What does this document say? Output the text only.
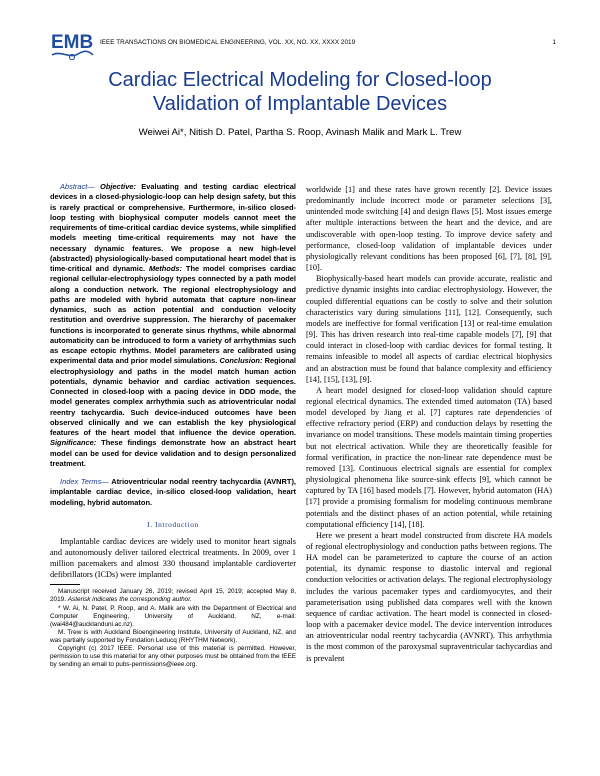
EMB IEEE TRANSACTIONS ON BIOMEDICAL ENGINEERING, VOL. XX, NO. XX, XXXX 2019	1
Cardiac Electrical Modeling for Closed-loop
Validation of Implantable Devices
Weiwei Ai*, Nitish D. Patel, Partha S. Roop, Avinash Malik and Mark L. Trew

Abstract— Objective: Evaluating and testing cardiac electrical devices in a closed-physiologic-loop can help design safety, but this is rarely practical or comprehensive. Furthermore, in-silico closed-loop testing with biophysical computer models cannot meet the requirements of time-critical cardiac device systems, while simplified models meeting time-critical requirements may not have the necessary dynamic features. We propose a new high-level (abstracted) physiologically-based computational heart model that is time-critical and dynamic. Methods: The model comprises cardiac regional cellular-electrophysiology types connected by a path model along a conduction network. The regional electrophysiology and paths are modeled with hybrid automata that capture non-linear dynamics, such as action potential and conduction velocity restitution and overdrive suppression. The hierarchy of pacemaker functions is incorporated to generate sinus rhythms, while abnormal automaticity can be introduced to form a variety of arrhythmias such as escape ectopic rhythms. Model parameters are calibrated using experimental data and prior model simulations. Conclusion: Regional electrophysiology and paths in the model match human action potentials, dynamic behavior and cardiac activation sequences. Connected in closed-loop with a pacing device in DDD mode, the model generates complex arrhythmia such as atrioventricular nodal reentry tachycardia. Such device-induced outcomes have been observed clinically and we can establish the key physiological features of the heart model that influence the device operation. Significance: These findings demonstrate how an abstract heart model can be used for device validation and to design personalized treatment.

Index Terms— Atrioventricular nodal reentry tachycardia (AVNRT), implantable cardiac device, in-silico closed-loop validation, heart modeling, hybrid automaton.

I. Introduction

Implantable cardiac devices are widely used to monitor heart signals and autonomously deliver tailored electrical treatments. In 2009, over 1 million pacemakers and almost 330 thousand implantable cardioverter defibrillators (ICDs) were implanted

Manuscript received January 26, 2019; revised April 15, 2019; accepted May 8, 2019. Asterisk indicates the corresponding author.

* W. Ai, N. Patel, P. Roop, and A. Malik are with the Department of Electrical and Computer Engineering, University of Auckland, NZ, e-mail: (wai484@aucklanduni.ac.nz).

M. Trew is with Auckland Bioengineering Institute, University of Auckland, NZ, and was partially supported by Fondation Leducq (RHYTHM Network).

Copyright (c) 2017 IEEE. Personal use of this material is permitted. However, permission to use this material for any other purposes must be obtained from the IEEE by sending an email to pubs-permissions@ieee.org.

worldwide [1] and these rates have grown recently [2]. Device issues predominantly include incorrect mode or parameter selections [3], unintended mode switching [4] and design flaws [5]. Most issues emerge after multiple interactions between the heart and the device, and are undiscoverable with open-loop testing. To improve device safety and performance, closed-loop validation of implantable devices under physiologically relevant conditions has been proposed [6], [7], [8], [9], [10].

Biophysically-based heart models can provide accurate, realistic and predictive dynamic insights into cardiac electrophysiology. However, the coupled differential equations can be costly to solve and their solution characteristics vary during simulations [11], [12]. Consequently, such models are ineffective for formal verification [13] or real-time emulation [9]. This has driven research into real-time capable models [7], [9] that could interact in closed-loop with cardiac devices for formal testing. It remains infeasible to model all aspects of cardiac electrical biophysics and an abstraction must be found that balance complexity and efficiency [14], [15], [13], [9].

A heart model designed for closed-loop validation should capture regional electrical dynamics. The extended timed automaton (TA) based model developed by Jiang et al. [7] captures rate dependencies of effective refractory period (ERP) and conduction delays by resetting the invariance on model transitions. These models maintain timing properties but not electrical activation. While they are theoretically feasible for formal verification, in practice the non-linear rate dependence must be removed [13]. Continuous electrical signals are essential for complex physiological phenomena like source-sink effects [9], which cannot be captured by TA [16] based models [7]. However, hybrid automaton (HA) [17] provide a promising formalism for modeling continuous membrane potentials and the distinct phases of an action potential, while retaining computational efficiency [14], [18].

Here we present a heart model constructed from discrete HA models of regional electrophysiology and conduction paths between regions. The HA model can be parameterized to capture the course of an action potential, its dynamic response to diastolic interval and regional conduction velocities or activation delays. The regional electrophysiology includes the various pacemaker types and cardiomyocytes, and their parameterisation using published data compares well with the known sequence of cardiac activation. The heart model is connected in closed-loop with a pacemaker device model. The device intervention introduces an atrioventricular nodal reentry tachycardia (AVNRT). This arrhythmia is the most common of the paroxysmal supraventricular tachycardias and is prevalent
